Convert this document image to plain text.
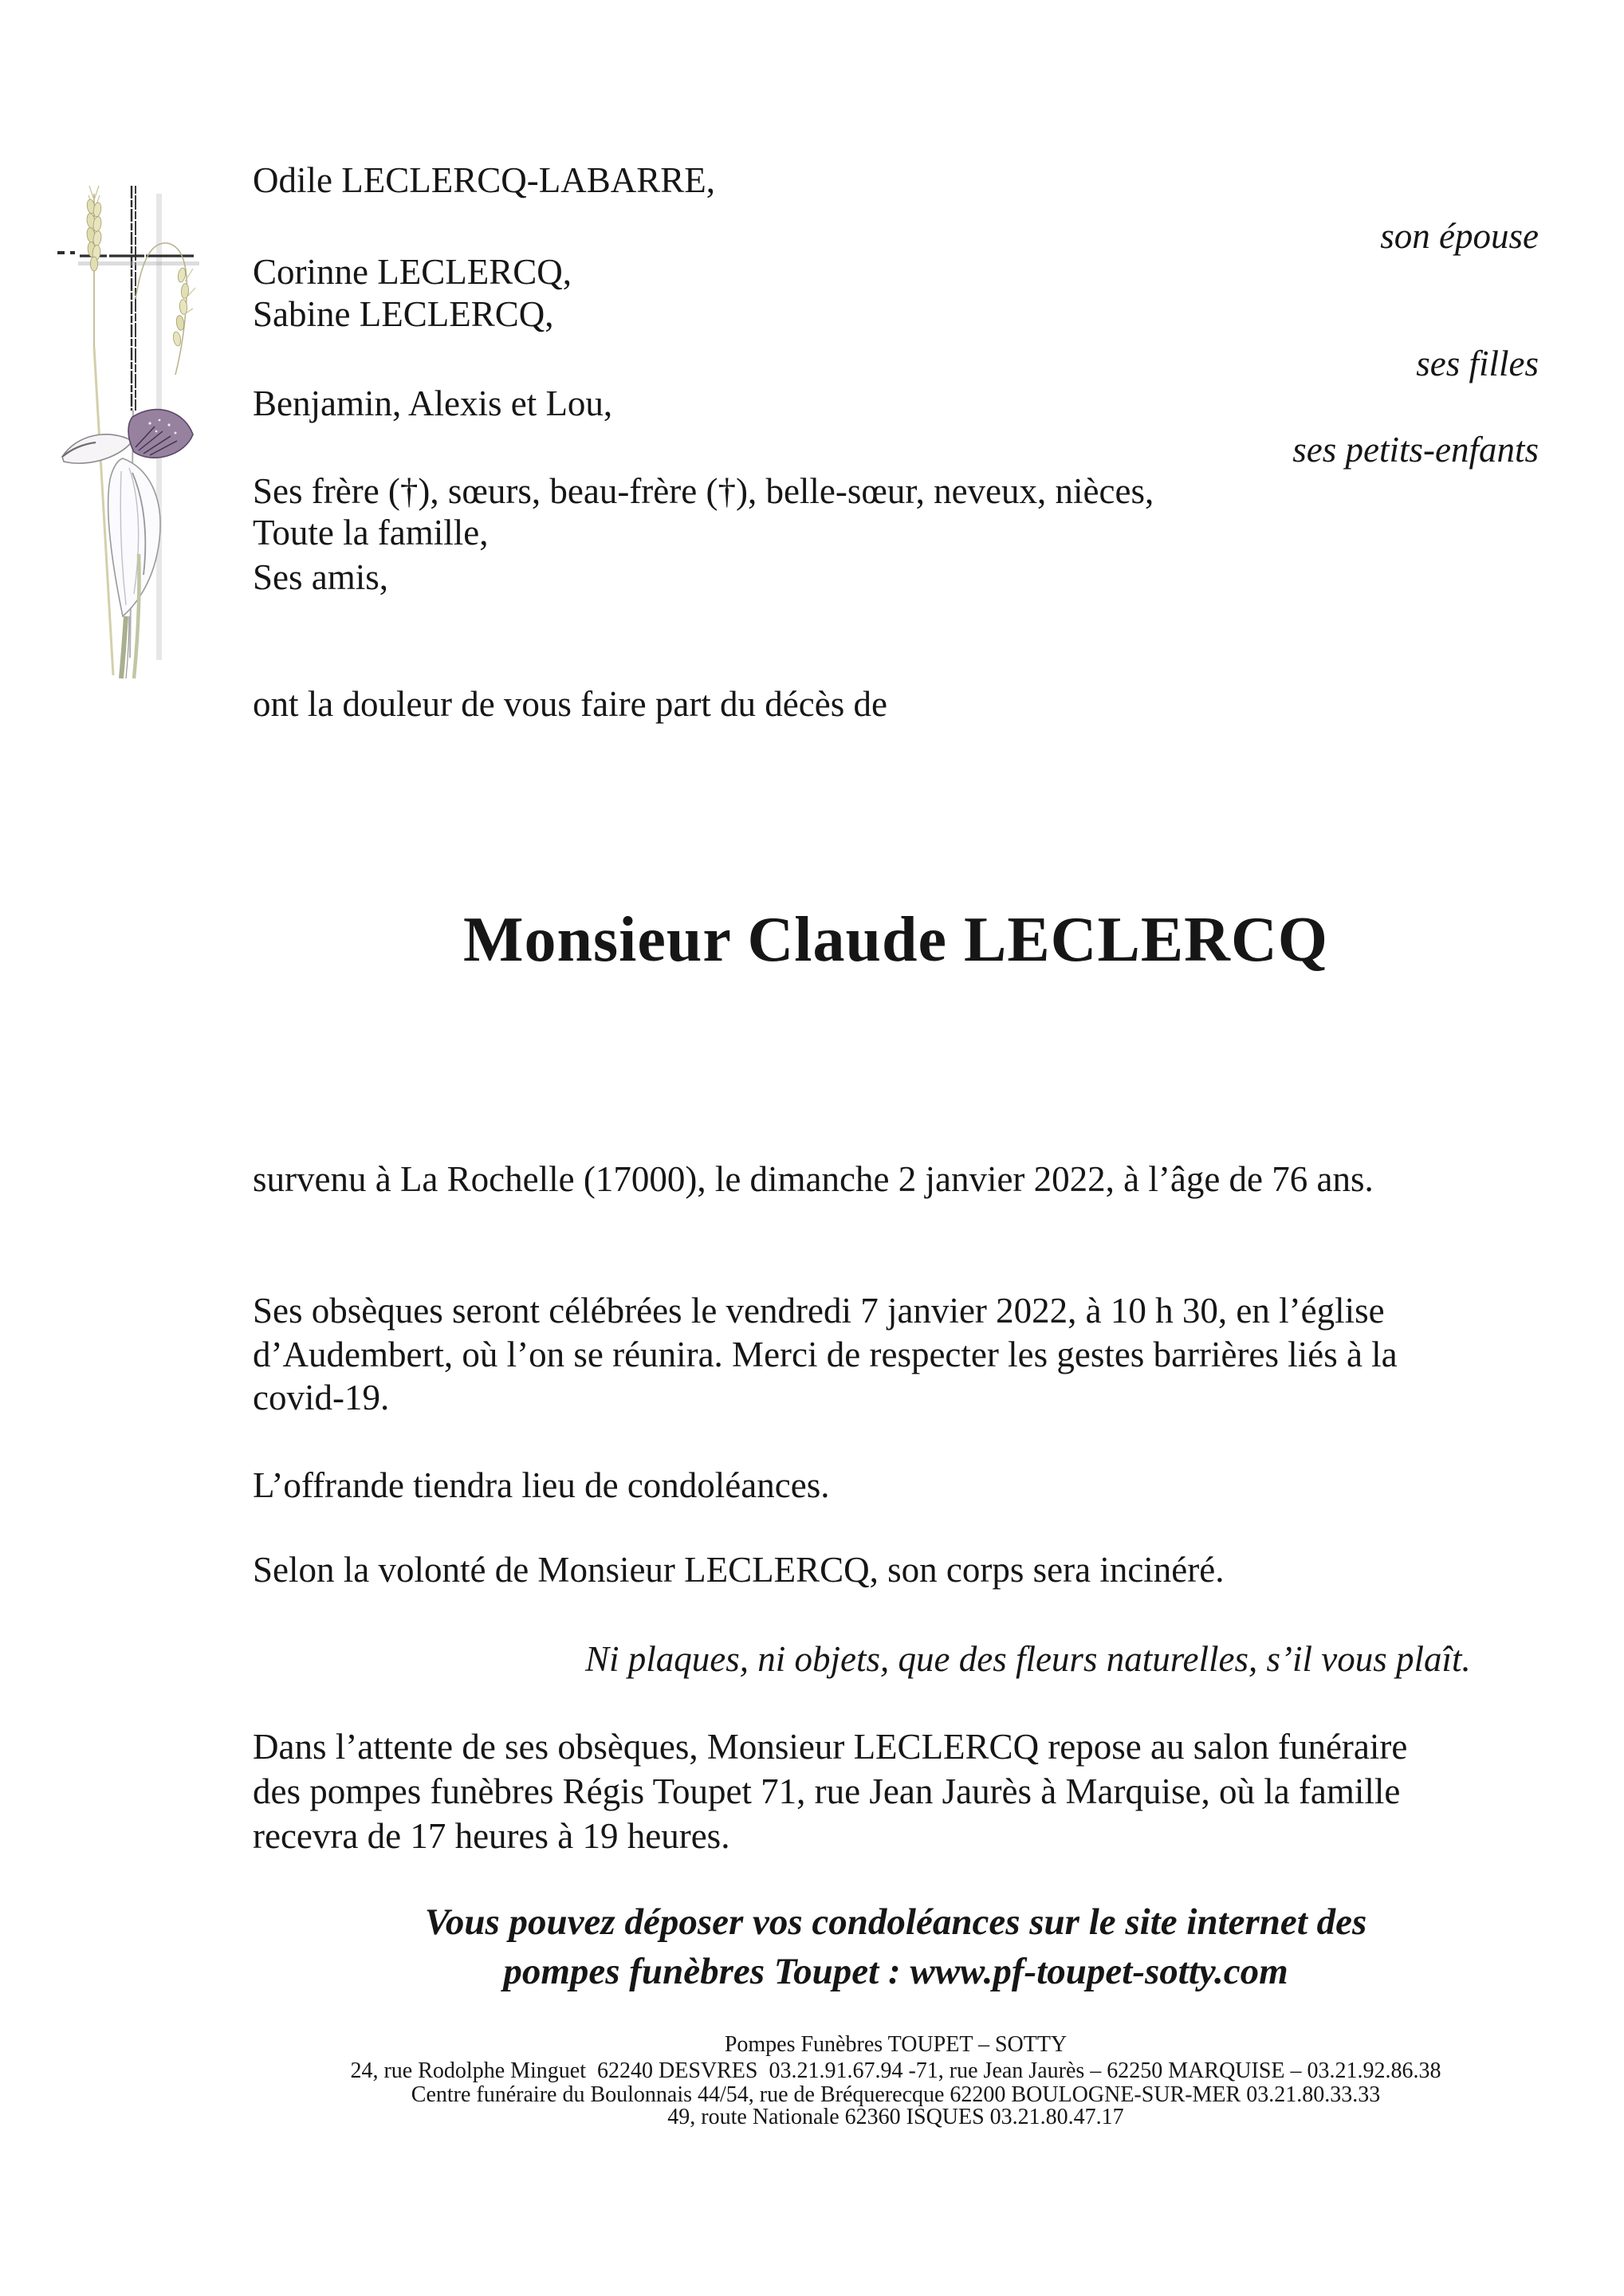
Odile LECLERCQ-LABARRE,
son épouse
Corinne LECLERCQ,
Sabine LECLERCQ,
ses filles
Benjamin, Alexis et Lou,
ses petits-enfants
Ses frère (†), sœurs, beau-frère (†), belle-sœur, neveux, nièces,
Toute la famille,
Ses amis,
ont la douleur de vous faire part du décès de
Monsieur Claude LECLERCQ
survenu à La Rochelle (17000), le dimanche 2 janvier 2022, à l’âge de 76 ans.
Ses obsèques seront célébrées le vendredi 7 janvier 2022, à 10 h 30, en l’église
d’Audembert, où l’on se réunira. Merci de respecter les gestes barrières liés à la
covid-19.
L’offrande tiendra lieu de condoléances.
Selon la volonté de Monsieur LECLERCQ, son corps sera incinéré.
Ni plaques, ni objets, que des fleurs naturelles, s’il vous plaît.
Dans l’attente de ses obsèques, Monsieur LECLERCQ repose au salon funéraire
des pompes funèbres Régis Toupet 71, rue Jean Jaurès à Marquise, où la famille
recevra de 17 heures à 19 heures.
Vous pouvez déposer vos condoléances sur le site internet des
pompes funèbres Toupet : www.pf-toupet-sotty.com
Pompes Funèbres TOUPET – SOTTY
24, rue Rodolphe Minguet  62240 DESVRES  03.21.91.67.94 -71, rue Jean Jaurès – 62250 MARQUISE – 03.21.92.86.38
Centre funéraire du Boulonnais 44/54, rue de Bréquerecque 62200 BOULOGNE-SUR-MER 03.21.80.33.33
49, route Nationale 62360 ISQUES 03.21.80.47.17
